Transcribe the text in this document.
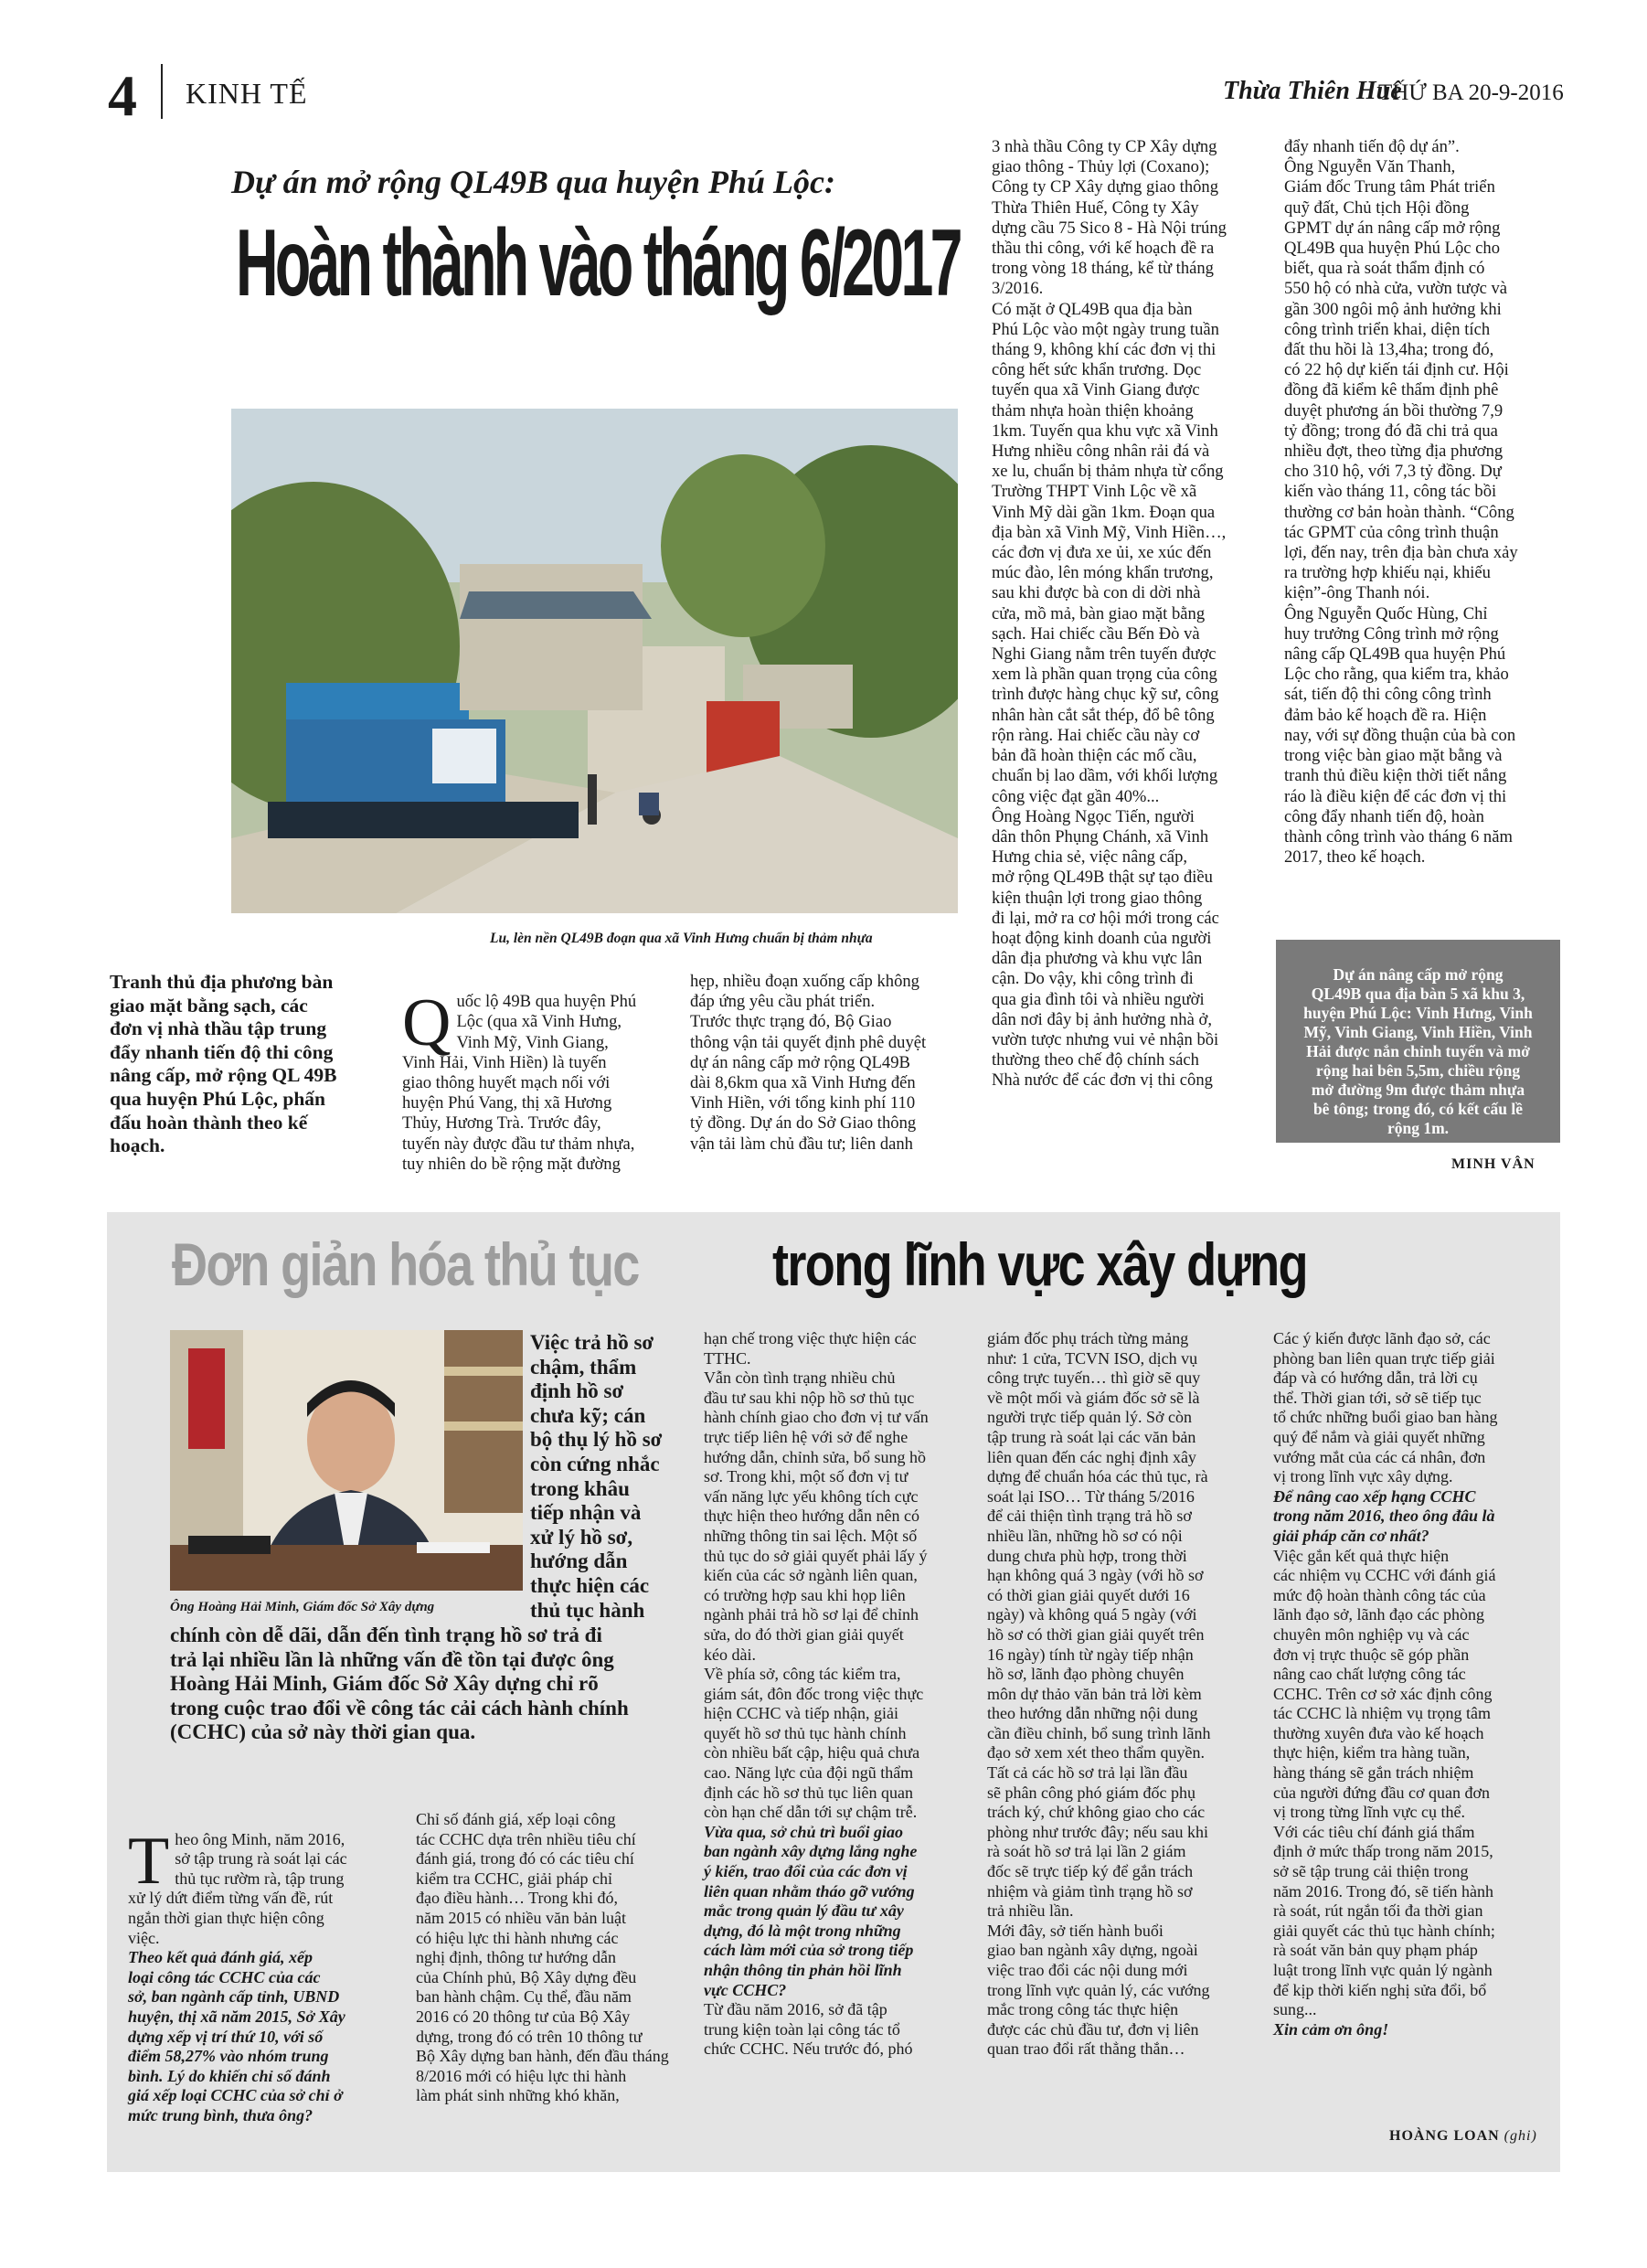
4 KINH TẾ	Thừa Thiên Huế
THỨ BA 20-9-2016
Dự án mở rộng QL49B qua huyện Phú Lộc:
Hoàn thành vào tháng 6/2017
Lu, lèn nền QL49B đoạn qua xã Vinh Hưng chuẩn bị thảm nhựa
Tranh thủ địa phương bàn
giao mặt bằng sạch, các
đơn vị nhà thầu tập trung
đẩy nhanh tiến độ thi công
nâng cấp, mở rộng QL 49B
qua huyện Phú Lộc, phấn
đấu hoàn thành theo kế
hoạch.

Quốc lộ 49B qua huyện Phú
Lộc (qua xã Vinh Hưng,
Vinh Mỹ, Vinh Giang,
Vinh Hải, Vinh Hiền) là tuyến
giao thông huyết mạch nối với
huyện Phú Vang, thị xã Hương
Thủy, Hương Trà. Trước đây,
tuyến này được đầu tư thảm nhựa,
tuy nhiên do bề rộng mặt đường

hẹp, nhiều đoạn xuống cấp không
đáp ứng yêu cầu phát triển.
Trước thực trạng đó, Bộ Giao
thông vận tải quyết định phê duyệt
dự án nâng cấp mở rộng QL49B
dài 8,6km qua xã Vinh Hưng đến
Vinh Hiền, với tổng kinh phí 110
tỷ đồng. Dự án do Sở Giao thông
vận tải làm chủ đầu tư; liên danh
3 nhà thầu Công ty CP Xây dựng
giao thông - Thủy lợi (Coxano);
Công ty CP Xây dựng giao thông
Thừa Thiên Huế, Công ty Xây
dựng cầu 75 Sico 8 - Hà Nội trúng
thầu thi công, với kế hoạch đề ra
trong vòng 18 tháng, kể từ tháng
3/2016.
Có mặt ở QL49B qua địa bàn
Phú Lộc vào một ngày trung tuần
tháng 9, không khí các đơn vị thi
công hết sức khẩn trương. Dọc
tuyến qua xã Vinh Giang được
thảm nhựa hoàn thiện khoảng
1km. Tuyến qua khu vực xã Vinh
Hưng nhiều công nhân rải đá và
xe lu, chuẩn bị thảm nhựa từ cổng
Trường THPT Vinh Lộc về xã
Vinh Mỹ dài gần 1km. Đoạn qua
địa bàn xã Vinh Mỹ, Vinh Hiền…,
các đơn vị đưa xe ủi, xe xúc đến
múc đào, lên móng khẩn trương,
sau khi được bà con di dời nhà
cửa, mồ mả, bàn giao mặt bằng
sạch. Hai chiếc cầu Bến Đò và
Nghi Giang nằm trên tuyến được
xem là phần quan trọng của công
trình được hàng chục kỹ sư, công
nhân hàn cắt sắt thép, đổ bê tông
rộn ràng. Hai chiếc cầu này cơ
bản đã hoàn thiện các mố cầu,
chuẩn bị lao dầm, với khối lượng
công việc đạt gần 40%...
Ông Hoàng Ngọc Tiến, người
dân thôn Phụng Chánh, xã Vinh
Hưng chia sẻ, việc nâng cấp,
mở rộng QL49B thật sự tạo điều
kiện thuận lợi trong giao thông
đi lại, mở ra cơ hội mới trong các
hoạt động kinh doanh của người
dân địa phương và khu vực lân
cận. Do vậy, khi công trình đi
qua gia đình tôi và nhiều người
dân nơi đây bị ảnh hưởng nhà ở,
vườn tược nhưng vui vẻ nhận bồi
thường theo chế độ chính sách
Nhà nước để các đơn vị thi công
đẩy nhanh tiến độ dự án”.
Ông Nguyễn Văn Thanh,
Giám đốc Trung tâm Phát triển
quỹ đất, Chủ tịch Hội đồng
GPMT dự án nâng cấp mở rộng
QL49B qua huyện Phú Lộc cho
biết, qua rà soát thẩm định có
550 hộ có nhà cửa, vườn tược và
gần 300 ngôi mộ ảnh hưởng khi
công trình triển khai, diện tích
đất thu hồi là 13,4ha; trong đó,
có 22 hộ dự kiến tái định cư. Hội
đồng đã kiểm kê thẩm định phê
duyệt phương án bồi thường 7,9
tỷ đồng; trong đó đã chi trả qua
nhiều đợt, theo từng địa phương
cho 310 hộ, với 7,3 tỷ đồng. Dự
kiến vào tháng 11, công tác bồi
thường cơ bản hoàn thành. “Công
tác GPMT của công trình thuận
lợi, đến nay, trên địa bàn chưa xảy
ra trường hợp khiếu nại, khiếu
kiện”-ông Thanh nói.
Ông Nguyễn Quốc Hùng, Chỉ
huy trưởng Công trình mở rộng
nâng cấp QL49B qua huyện Phú
Lộc cho rằng, qua kiểm tra, khảo
sát, tiến độ thi công công trình
đảm bảo kế hoạch đề ra. Hiện
nay, với sự đồng thuận của bà con
trong việc bàn giao mặt bằng và
tranh thủ điều kiện thời tiết nắng
ráo là điều kiện để các đơn vị thi
công đẩy nhanh tiến độ, hoàn
thành công trình vào tháng 6 năm
2017, theo kế hoạch.
Dự án nâng cấp mở rộng
QL49B qua địa bàn 5 xã khu 3,
huyện Phú Lộc: Vinh Hưng, Vinh
Mỹ, Vinh Giang, Vinh Hiền, Vinh
Hải được nắn chỉnh tuyến và mở
rộng hai bên 5,5m, chiều rộng
mở đường 9m được thảm nhựa
bê tông; trong đó, có kết cấu lề
rộng 1m.
MINH VÂN
Đơn giản hóa thủ tục trong lĩnh vực xây dựng
Ông Hoàng Hải Minh, Giám đốc Sở Xây dựng
Việc trả hồ sơ
chậm, thẩm
định hồ sơ
chưa kỹ; cán
bộ thụ lý hồ sơ
còn cứng nhắc
trong khâu
tiếp nhận và
xử lý hồ sơ,
hướng dẫn
thực hiện các
thủ tục hành
chính còn dễ dãi, dẫn đến tình trạng hồ sơ trả đi
trả lại nhiều lần là những vấn đề tồn tại được ông
Hoàng Hải Minh, Giám đốc Sở Xây dựng chỉ rõ
trong cuộc trao đổi về công tác cải cách hành chính
(CCHC) của sở này thời gian qua.

Theo ông Minh, năm 2016,
sở tập trung rà soát lại các
thủ tục rườm rà, tập trung
xử lý dứt điểm từng vấn đề, rút
ngắn thời gian thực hiện công
việc.
Theo kết quả đánh giá, xếp
loại công tác CCHC của các
sở, ban ngành cấp tỉnh, UBND
huyện, thị xã năm 2015, Sở Xây
dựng xếp vị trí thứ 10, với số
điểm 58,27% vào nhóm trung
bình. Lý do khiến chỉ số đánh
giá xếp loại CCHC của sở chỉ ở
mức trung bình, thưa ông?

Chỉ số đánh giá, xếp loại công
tác CCHC dựa trên nhiều tiêu chí
đánh giá, trong đó có các tiêu chí
kiểm tra CCHC, giải pháp chỉ
đạo điều hành… Trong khi đó,
năm 2015 có nhiều văn bản luật
có hiệu lực thi hành nhưng các
nghị định, thông tư hướng dẫn
của Chính phủ, Bộ Xây dựng đều
ban hành chậm. Cụ thể, đầu năm
2016 có 20 thông tư của Bộ Xây
dựng, trong đó có trên 10 thông tư
Bộ Xây dựng ban hành, đến đầu tháng
8/2016 mới có hiệu lực thi hành
làm phát sinh những khó khăn,
hạn chế trong việc thực hiện các
TTHC.
Vẫn còn tình trạng nhiều chủ
đầu tư sau khi nộp hồ sơ thủ tục
hành chính giao cho đơn vị tư vấn
trực tiếp liên hệ với sở để nghe
hướng dẫn, chỉnh sửa, bổ sung hồ
sơ. Trong khi, một số đơn vị tư
vấn năng lực yếu không tích cực
thực hiện theo hướng dẫn nên có
những thông tin sai lệch. Một số
thủ tục do sở giải quyết phải lấy ý
kiến của các sở ngành liên quan,
có trường hợp sau khi họp liên
ngành phải trả hồ sơ lại để chỉnh
sửa, do đó thời gian giải quyết
kéo dài.
Về phía sở, công tác kiểm tra,
giám sát, đôn đốc trong việc thực
hiện CCHC và tiếp nhận, giải
quyết hồ sơ thủ tục hành chính
còn nhiều bất cập, hiệu quả chưa
cao. Năng lực của đội ngũ thẩm
định các hồ sơ thủ tục liên quan
còn hạn chế dẫn tới sự chậm trễ.
Vừa qua, sở chủ trì buổi giao
ban ngành xây dựng lắng nghe
ý kiến, trao đổi của các đơn vị
liên quan nhằm tháo gỡ vướng
mắc trong quản lý đầu tư xây
dựng, đó là một trong những
cách làm mới của sở trong tiếp
nhận thông tin phản hồi lĩnh
vực CCHC?
Từ đầu năm 2016, sở đã tập
trung kiện toàn lại công tác tổ
chức CCHC. Nếu trước đó, phó
giám đốc phụ trách từng mảng
như: 1 cửa, TCVN ISO, dịch vụ
công trực tuyến… thì giờ sẽ quy
về một mối và giám đốc sở sẽ là
người trực tiếp quản lý. Sở còn
tập trung rà soát lại các văn bản
liên quan đến các nghị định xây
dựng để chuẩn hóa các thủ tục, rà
soát lại ISO… Từ tháng 5/2016
để cải thiện tình trạng trả hồ sơ
nhiều lần, những hồ sơ có nội
dung chưa phù hợp, trong thời
hạn không quá 3 ngày (với hồ sơ
có thời gian giải quyết dưới 16
ngày) và không quá 5 ngày (với
hồ sơ có thời gian giải quyết trên
16 ngày) tính từ ngày tiếp nhận
hồ sơ, lãnh đạo phòng chuyên
môn dự thảo văn bản trả lời kèm
theo hướng dẫn những nội dung
cần điều chỉnh, bổ sung trình lãnh
đạo sở xem xét theo thẩm quyền.
Tất cả các hồ sơ trả lại lần đầu
sẽ phân công phó giám đốc phụ
trách ký, chứ không giao cho các
phòng như trước đây; nếu sau khi
rà soát hồ sơ trả lại lần 2 giám
đốc sẽ trực tiếp ký để gắn trách
nhiệm và giảm tình trạng hồ sơ
trả nhiều lần.
Mới đây, sở tiến hành buổi
giao ban ngành xây dựng, ngoài
việc trao đổi các nội dung mới
trong lĩnh vực quản lý, các vướng
mắc trong công tác thực hiện
được các chủ đầu tư, đơn vị liên
quan trao đổi rất thẳng thắn…
Các ý kiến được lãnh đạo sở, các
phòng ban liên quan trực tiếp giải
đáp và có hướng dẫn, trả lời cụ
thể. Thời gian tới, sở sẽ tiếp tục
tổ chức những buổi giao ban hàng
quý để nắm và giải quyết những
vướng mắt của các cá nhân, đơn
vị trong lĩnh vực xây dựng.
Để nâng cao xếp hạng CCHC
trong năm 2016, theo ông đâu là
giải pháp căn cơ nhất?
Việc gắn kết quả thực hiện
các nhiệm vụ CCHC với đánh giá
mức độ hoàn thành công tác của
lãnh đạo sở, lãnh đạo các phòng
chuyên môn nghiệp vụ và các
đơn vị trực thuộc sẽ góp phần
nâng cao chất lượng công tác
CCHC. Trên cơ sở xác định công
tác CCHC là nhiệm vụ trọng tâm
thường xuyên đưa vào kế hoạch
thực hiện, kiểm tra hàng tuần,
hàng tháng sẽ gắn trách nhiệm
của người đứng đầu cơ quan đơn
vị trong từng lĩnh vực cụ thể.
Với các tiêu chí đánh giá thẩm
định ở mức thấp trong năm 2015,
sở sẽ tập trung cải thiện trong
năm 2016. Trong đó, sẽ tiến hành
rà soát, rút ngắn tối đa thời gian
giải quyết các thủ tục hành chính;
rà soát văn bản quy phạm pháp
luật trong lĩnh vực quản lý ngành
để kịp thời kiến nghị sửa đổi, bổ
sung...
Xin cảm ơn ông!
HOÀNG LOAN (ghi)
